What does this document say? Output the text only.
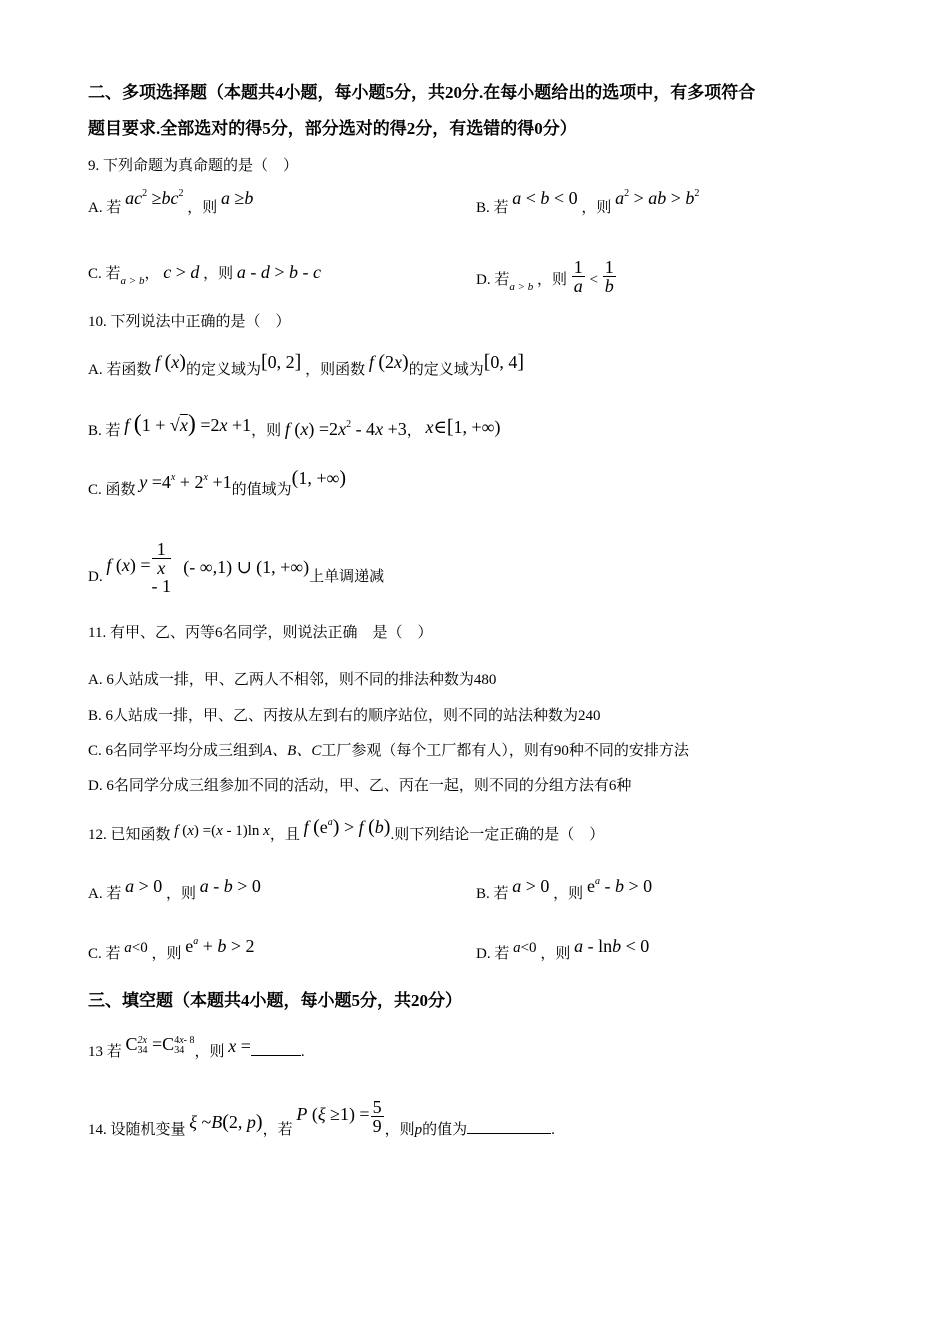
二、多项选择题（本题共4小题，每小题5分，共20分.在每小题给出的选项中，有多项符合
题目要求.全部选对的得5分，部分选对的得2分，有选错的得0分）
9. 下列命题为真命题的是（　）
A. 若 $ac^2 \ge bc^2$ ，则 a ≥b	B. 若 a < b < 0 ，则 $a^2$ > ab > $b^2$
C. 若$_{a > b}$， c > d ，则 a - d > b - c	D. 若$_{a > b}$ ，则 $\frac{1}{a} < \frac{1}{b}$
10. 下列说法中正确的是（　）
A. 若函数 f (x)的定义域为[0, 2] ，则函数 f (2x)的定义域为[0, 4]
B. 若 f (1 + √x) =2x +1，则 f $(x) =2x^2 - 4x +3$， x∈[1, +∞)
C. 函数 $y =4^x + 2^x +1$的值域为(1, +∞)
D. f (x) = 1
x
- 1 (- ∞,1) ∪ (1, +∞)上单调递减
11. 有甲、乙、丙等6名同学，则说法正确　是（　）
A. 6人站成一排，甲、乙两人不相邻，则不同的排法种数为480
B. 6人站成一排，甲、乙、丙按从左到右的顺序站位，则不同的站法种数为240
C. 6名同学平均分成三组到A、B、C工厂参观（每个工厂都有人），则有90种不同的安排方法
D. 6名同学分成三组参加不同的活动，甲、乙、丙在一起，则不同的分组方法有6种
12. 已知函数 f (x) =(x - 1)ln x，且 f $(e^a) > f$ (b).则下列结论一定正确的是（　）
A. 若 a > 0 ，则 a - b > 0	B. 若 a > 0 ，则 $e^a - b > 0$
C. 若 a<0 ，则 $e^a + b > 2$	D. 若 a<0 ，则 a - lnb < 0
三、填空题（本题共4小题，每小题5分，共20分）
13 若 C 2x
34 =C 4x- 8
34 ，则 x =	.
14. 设随机变量 ξ ~B(2, p)，若 P $(\xi \ge 1) = \frac{5}{9}$ ，则p的值为	.
